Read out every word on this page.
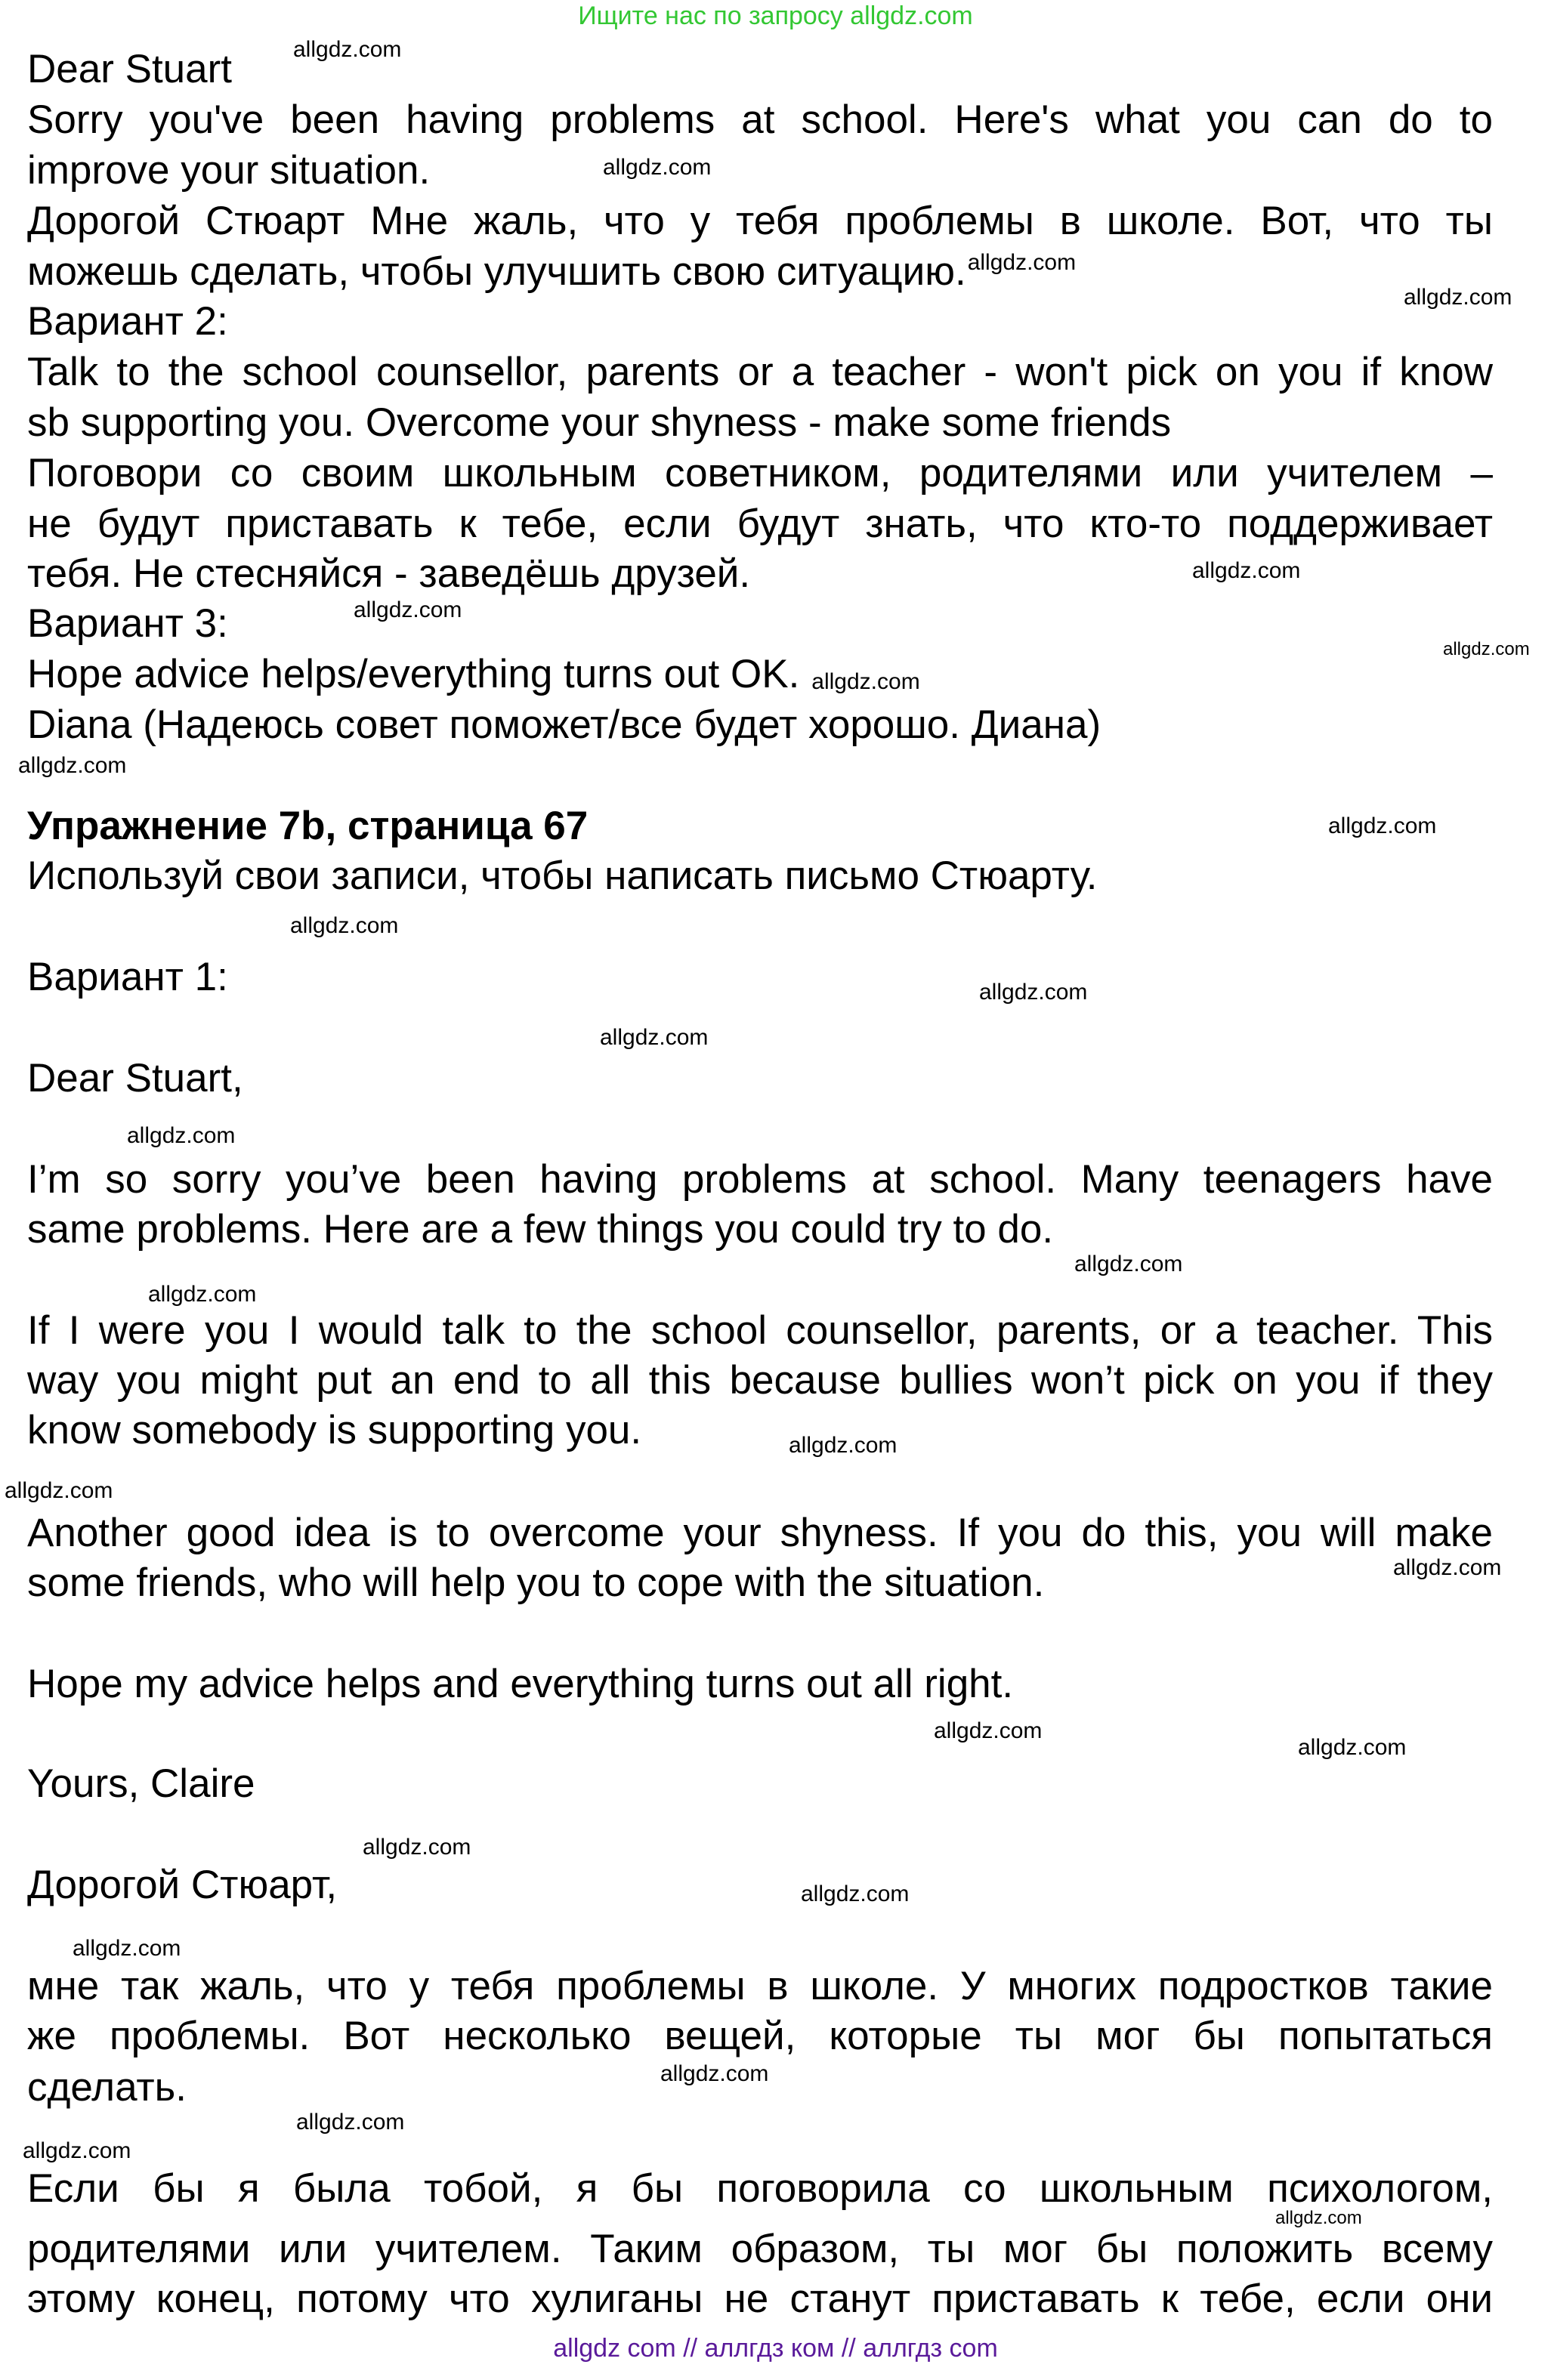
Ищите нас по запросу allgdz.com
Dear Stuart
Sorry you've been having problems at school. Here's what you can do to
improve your situation.
Дорогой Стюарт Мне жаль, что у тебя проблемы в школе. Вот, что ты
можешь сделать, чтобы улучшить свою ситуацию.$^{allgdz.com}$
Вариант 2:
Talk to the school counsellor, parents or a teacher - won't pick on you if know
sb supporting you. Overcome your shyness - make some friends
Поговори со своим школьным советником, родителями или учителем –
не будут приставать к тебе, если будут знать, что кто-то поддерживает
тебя. Не стесняйся - заведёшь друзей.
Вариант 3:
Hope advice helps/everything turns out OK. $^{allgdz.com}$
Diana (Надеюсь совет поможет/все будет хорошо. Диана)
Упражнение 7b, страница 67
Используй свои записи, чтобы написать письмо Стюарту.
Вариант 1:
Dear Stuart,
I’m so sorry you’ve been having problems at school. Many teenagers have
same problems. Here are a few things you could try to do.
If I were you I would talk to the school counsellor, parents, or a teacher. This
way you might put an end to all this because bullies won’t pick on you if they
know somebody is supporting you.
Another good idea is to overcome your shyness. If you do this, you will make
some friends, who will help you to cope with the situation.
Hope my advice helps and everything turns out all right.
Yours, Claire
Дорогой Стюарт,
мне так жаль, что у тебя проблемы в школе. У многих подростков такие
же проблемы. Вот несколько вещей, которые ты мог бы попытаться
сделать.
Если бы я была тобой, я бы поговорила со школьным психологом,
родителями или учителем. Таким образом, ты мог бы положить всему
этому конец, потому что хулиганы не станут приставать к тебе, если они
allgdz.com
allgdz.com
allgdz.com
allgdz.com
allgdz.com
allgdz.com
allgdz.com
allgdz.com
allgdz.com
allgdz.com
allgdz.com
allgdz.com
allgdz.com
allgdz.com
allgdz.com
allgdz.com
allgdz.com
allgdz.com
allgdz.com
allgdz.com
allgdz.com
allgdz.com
allgdz.com
allgdz.com
allgdz.com
allgdz.com
allgdz com // аллгдз ком // аллгдз com
